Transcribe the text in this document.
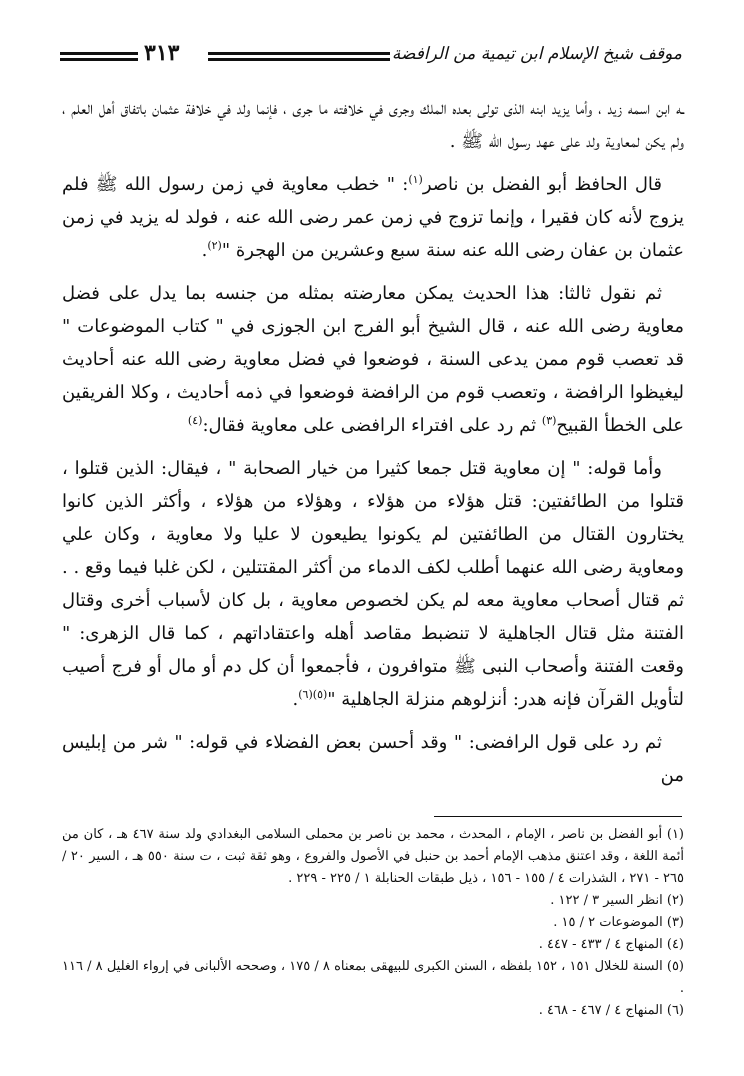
موقف شيخ الإسلام ابن تيمية من الرافضة
٣١٣

ـه ابن اسمه زيد ، وأما يزيد ابنه الذى تولى بعده الملك وجرى في خلافته ما جرى ، فإنما ولد في خلافة عثمان باتفاق أهل العلم ، ولم يكن لمعاوية ولد على عهد رسول الله ﷺ .

قال الحافظ أبو الفضل بن ناصر$^{(١)}$: " خطب معاوية في زمن رسول الله ﷺ فلم يزوج لأنه كان فقيرا ، وإنما تزوج في زمن عمر رضى الله عنه ، فولد له يزيد في زمن عثمان بن عفان رضى الله عنه سنة سبع وعشرين من الهجرة "$^{(٢)}$.

ثم نقول ثالثا: هذا الحديث يمكن معارضته بمثله من جنسه بما يدل على فضل معاوية رضى الله عنه ، قال الشيخ أبو الفرج ابن الجوزى في " كتاب الموضوعات " قد تعصب قوم ممن يدعى السنة ، فوضعوا في فضل معاوية رضى الله عنه أحاديث ليغيظوا الرافضة ، وتعصب قوم من الرافضة فوضعوا في ذمه أحاديث ، وكلا الفريقين على الخطأ القبيح$^{(٣)}$ ثم رد على افتراء الرافضى على معاوية فقال:$^{(٤)}$

وأما قوله: " إن معاوية قتل جمعا كثيرا من خيار الصحابة " ، فيقال: الذين قتلوا ، قتلوا من الطائفتين: قتل هؤلاء من هؤلاء ، وهؤلاء من هؤلاء ، وأكثر الذين كانوا يختارون القتال من الطائفتين لم يكونوا يطيعون لا عليا ولا معاوية ، وكان علي ومعاوية رضى الله عنهما أطلب لكف الدماء من أكثر المقتتلين ، لكن غلبا فيما وقع . . ثم قتال أصحاب معاوية معه لم يكن لخصوص معاوية ، بل كان لأسباب أخرى وقتال الفتنة مثل قتال الجاهلية لا تنضبط مقاصد أهله واعتقاداتهم ، كما قال الزهرى: " وقعت الفتنة وأصحاب النبى ﷺ متوافرون ، فأجمعوا أن كل دم أو مال أو فرج أصيب لتأويل القرآن فإنه هدر: أنزلوهم منزلة الجاهلية "$^{(٥)(٦)}$.

ثم رد على قول الرافضى: " وقد أحسن بعض الفضلاء في قوله: " شر من إبليس من

(١) أبو الفضل بن ناصر ، الإمام ، المحدث ، محمد بن ناصر بن محملى السلامى البغدادي ولد سنة ٤٦٧ هـ ، كان من أئمة اللغة ، وقد اعتنق مذهب الإمام أحمد بن حنبل في الأصول والفروع ، وهو ثقة ثبت ، ت سنة ٥٥٠ هـ ، السير ٢٠ / ٢٦٥ - ٢٧١ ، الشذرات ٤ / ١٥٥ - ١٥٦ ، ذيل طبقات الحنابلة ١ / ٢٢٥ - ٢٢٩ .
(٢) انظر السير ٣ / ١٢٢ .
(٣) الموضوعات ٢ / ١٥ .
(٤) المنهاج ٤ / ٤٣٣ - ٤٤٧ .
(٥) السنة للخلال ١٥١ ، ١٥٢ بلفظه ، السنن الكبرى للبيهقى بمعناه ٨ / ١٧٥ ، وصححه الألبانى في إرواء الغليل ٨ / ١١٦ .
(٦) المنهاج ٤ / ٤٦٧ - ٤٦٨ .
